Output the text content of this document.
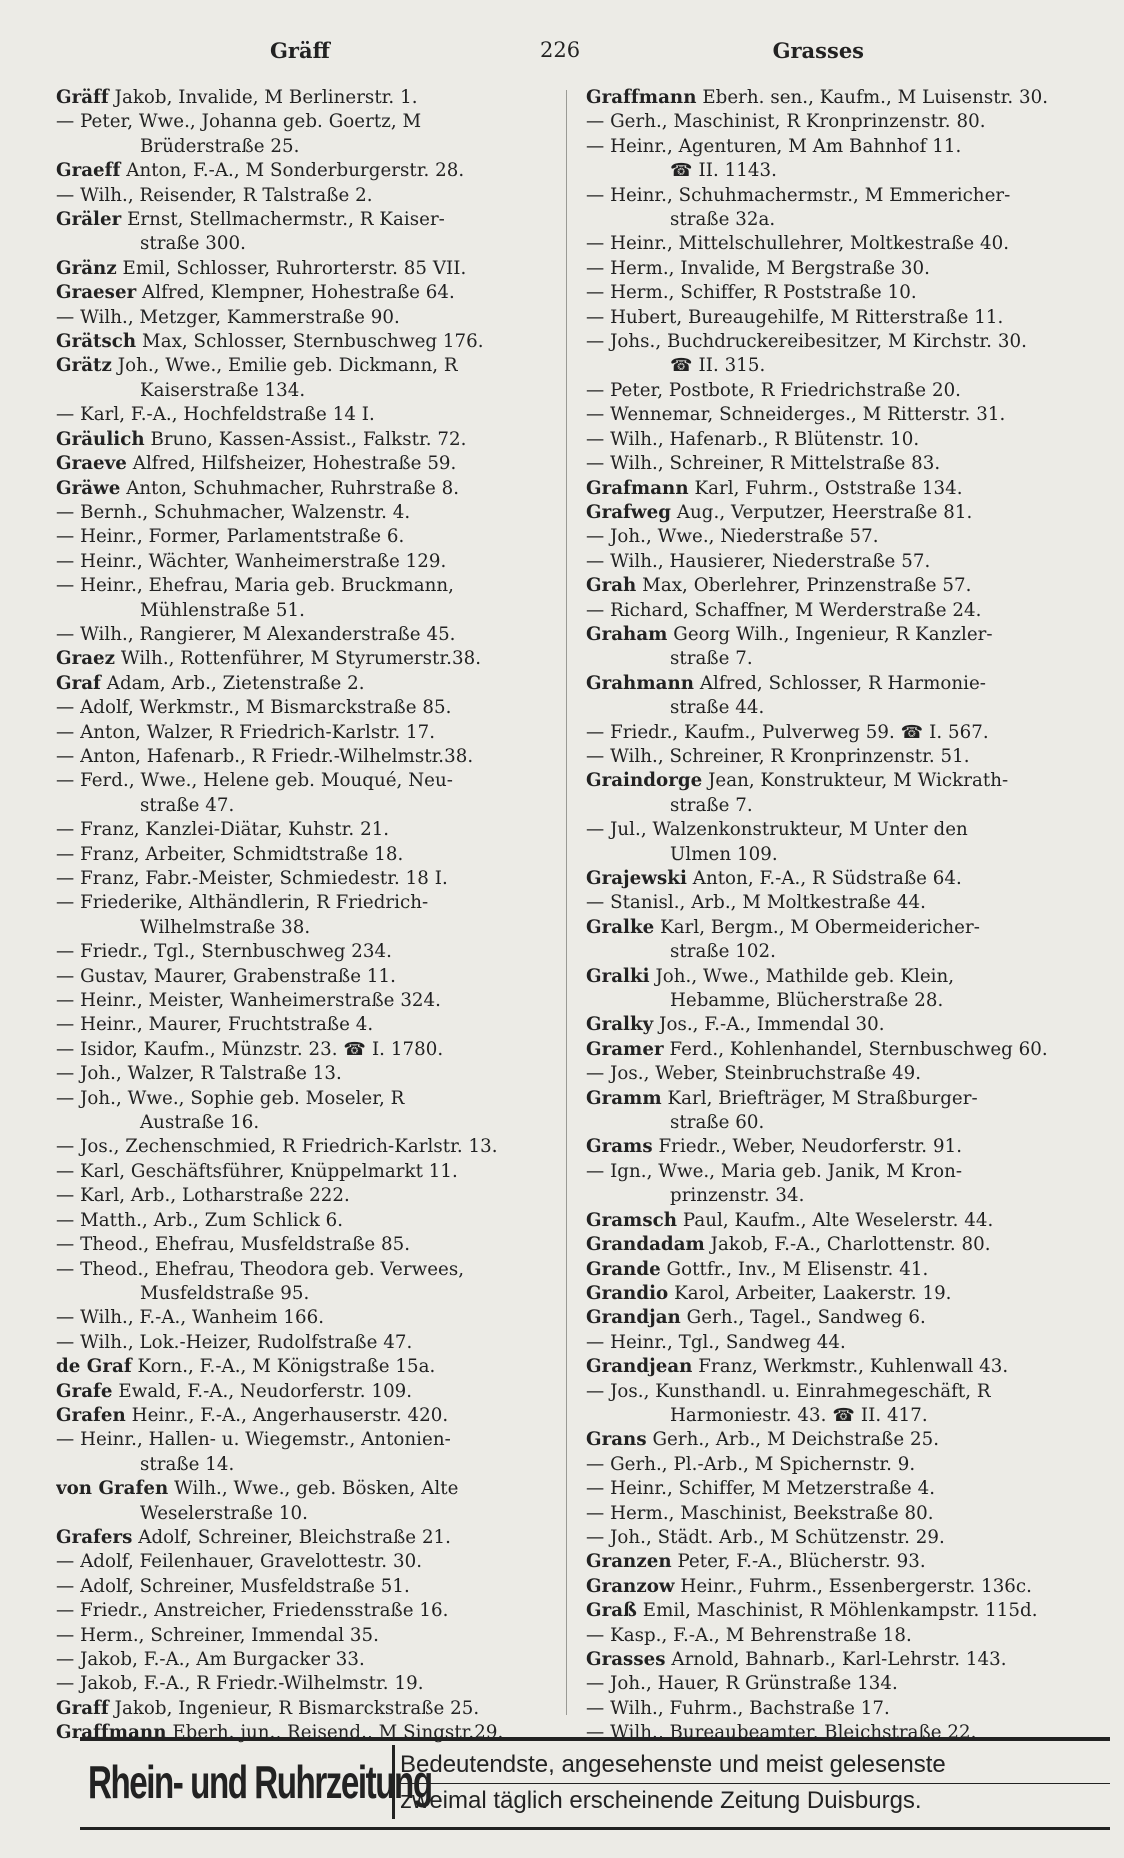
Gräff	226	Grasses
Gräff Jakob, Invalide, M Berlinerstr. 1.
— Peter, Wwe., Johanna geb. Goertz, M
Brüderstraße 25.
Graeff Anton, F.-A., M Sonderburgerstr. 28.
— Wilh., Reisender, R Talstraße 2.
Gräler Ernst, Stellmachermstr., R Kaiser-
straße 300.
Gränz Emil, Schlosser, Ruhrorterstr. 85 VII.
Graeser Alfred, Klempner, Hohestraße 64.
— Wilh., Metzger, Kammerstraße 90.
Grätsch Max, Schlosser, Sternbuschweg 176.
Grätz Joh., Wwe., Emilie geb. Dickmann, R
Kaiserstraße 134.
— Karl, F.-A., Hochfeldstraße 14 I.
Gräulich Bruno, Kassen-Assist., Falkstr. 72.
Graeve Alfred, Hilfsheizer, Hohestraße 59.
Gräwe Anton, Schuhmacher, Ruhrstraße 8.
— Bernh., Schuhmacher, Walzenstr. 4.
— Heinr., Former, Parlamentstraße 6.
— Heinr., Wächter, Wanheimerstraße 129.
— Heinr., Ehefrau, Maria geb. Bruckmann,
Mühlenstraße 51.
— Wilh., Rangierer, M Alexanderstraße 45.
Graez Wilh., Rottenführer, M Styrumerstr.38.
Graf Adam, Arb., Zietenstraße 2.
— Adolf, Werkmstr., M Bismarckstraße 85.
— Anton, Walzer, R Friedrich-Karlstr. 17.
— Anton, Hafenarb., R Friedr.-Wilhelmstr.38.
— Ferd., Wwe., Helene geb. Mouqué, Neu-
straße 47.
— Franz, Kanzlei-Diätar, Kuhstr. 21.
— Franz, Arbeiter, Schmidtstraße 18.
— Franz, Fabr.-Meister, Schmiedestr. 18 I.
— Friederike, Althändlerin, R Friedrich-
Wilhelmstraße 38.
— Friedr., Tgl., Sternbuschweg 234.
— Gustav, Maurer, Grabenstraße 11.
— Heinr., Meister, Wanheimerstraße 324.
— Heinr., Maurer, Fruchtstraße 4.
— Isidor, Kaufm., Münzstr. 23. ☎ I. 1780.
— Joh., Walzer, R Talstraße 13.
— Joh., Wwe., Sophie geb. Moseler, R
Austraße 16.
— Jos., Zechenschmied, R Friedrich-Karlstr. 13.
— Karl, Geschäftsführer, Knüppelmarkt 11.
— Karl, Arb., Lotharstraße 222.
— Matth., Arb., Zum Schlick 6.
— Theod., Ehefrau, Musfeldstraße 85.
— Theod., Ehefrau, Theodora geb. Verwees,
Musfeldstraße 95.
— Wilh., F.-A., Wanheim 166.
— Wilh., Lok.-Heizer, Rudolfstraße 47.
de Graf Korn., F.-A., M Königstraße 15a.
Grafe Ewald, F.-A., Neudorferstr. 109.
Grafen Heinr., F.-A., Angerhauserstr. 420.
— Heinr., Hallen- u. Wiegemstr., Antonien-
straße 14.
von Grafen Wilh., Wwe., geb. Bösken, Alte
Weselerstraße 10.
Grafers Adolf, Schreiner, Bleichstraße 21.
— Adolf, Feilenhauer, Gravelottestr. 30.
— Adolf, Schreiner, Musfeldstraße 51.
— Friedr., Anstreicher, Friedensstraße 16.
— Herm., Schreiner, Immendal 35.
— Jakob, F.-A., Am Burgacker 33.
— Jakob, F.-A., R Friedr.-Wilhelmstr. 19.
Graff Jakob, Ingenieur, R Bismarckstraße 25.
Graffmann Eberh. jun., Reisend., M Singstr.29.
Graffmann Eberh. sen., Kaufm., M Luisenstr. 30.
— Gerh., Maschinist, R Kronprinzenstr. 80.
— Heinr., Agenturen, M Am Bahnhof 11.
☎ II. 1143.
— Heinr., Schuhmachermstr., M Emmericher-
straße 32a.
— Heinr., Mittelschullehrer, Moltkestraße 40.
— Herm., Invalide, M Bergstraße 30.
— Herm., Schiffer, R Poststraße 10.
— Hubert, Bureaugehilfe, M Ritterstraße 11.
— Johs., Buchdruckereibesitzer, M Kirchstr. 30.
☎ II. 315.
— Peter, Postbote, R Friedrichstraße 20.
— Wennemar, Schneiderges., M Ritterstr. 31.
— Wilh., Hafenarb., R Blütenstr. 10.
— Wilh., Schreiner, R Mittelstraße 83.
Grafmann Karl, Fuhrm., Oststraße 134.
Grafweg Aug., Verputzer, Heerstraße 81.
— Joh., Wwe., Niederstraße 57.
— Wilh., Hausierer, Niederstraße 57.
Grah Max, Oberlehrer, Prinzenstraße 57.
— Richard, Schaffner, M Werderstraße 24.
Graham Georg Wilh., Ingenieur, R Kanzler-
straße 7.
Grahmann Alfred, Schlosser, R Harmonie-
straße 44.
— Friedr., Kaufm., Pulverweg 59. ☎ I. 567.
— Wilh., Schreiner, R Kronprinzenstr. 51.
Graindorge Jean, Konstrukteur, M Wickrath-
straße 7.
— Jul., Walzenkonstrukteur, M Unter den
Ulmen 109.
Grajewski Anton, F.-A., R Südstraße 64.
— Stanisl., Arb., M Moltkestraße 44.
Gralke Karl, Bergm., M Obermeidericher-
straße 102.
Gralki Joh., Wwe., Mathilde geb. Klein,
Hebamme, Blücherstraße 28.
Gralky Jos., F.-A., Immendal 30.
Gramer Ferd., Kohlenhandel, Sternbuschweg 60.
— Jos., Weber, Steinbruchstraße 49.
Gramm Karl, Briefträger, M Straßburger-
straße 60.
Grams Friedr., Weber, Neudorferstr. 91.
— Ign., Wwe., Maria geb. Janik, M Kron-
prinzenstr. 34.
Gramsch Paul, Kaufm., Alte Weselerstr. 44.
Grandadam Jakob, F.-A., Charlottenstr. 80.
Grande Gottfr., Inv., M Elisenstr. 41.
Grandio Karol, Arbeiter, Laakerstr. 19.
Grandjan Gerh., Tagel., Sandweg 6.
— Heinr., Tgl., Sandweg 44.
Grandjean Franz, Werkmstr., Kuhlenwall 43.
— Jos., Kunsthandl. u. Einrahmegeschäft, R
Harmoniestr. 43. ☎ II. 417.
Grans Gerh., Arb., M Deichstraße 25.
— Gerh., Pl.-Arb., M Spichernstr. 9.
— Heinr., Schiffer, M Metzerstraße 4.
— Herm., Maschinist, Beekstraße 80.
— Joh., Städt. Arb., M Schützenstr. 29.
Granzen Peter, F.-A., Blücherstr. 93.
Granzow Heinr., Fuhrm., Essenbergerstr. 136c.
Graß Emil, Maschinist, R Möhlenkampstr. 115d.
— Kasp., F.-A., M Behrenstraße 18.
Grasses Arnold, Bahnarb., Karl-Lehrstr. 143.
— Joh., Hauer, R Grünstraße 134.
— Wilh., Fuhrm., Bachstraße 17.
— Wilh., Bureaubeamter, Bleichstraße 22.
Rhein- und Ruhrzeitung
Bedeutendste, angesehenste und meist gelesenste
zweimal täglich erscheinende Zeitung Duisburgs.
